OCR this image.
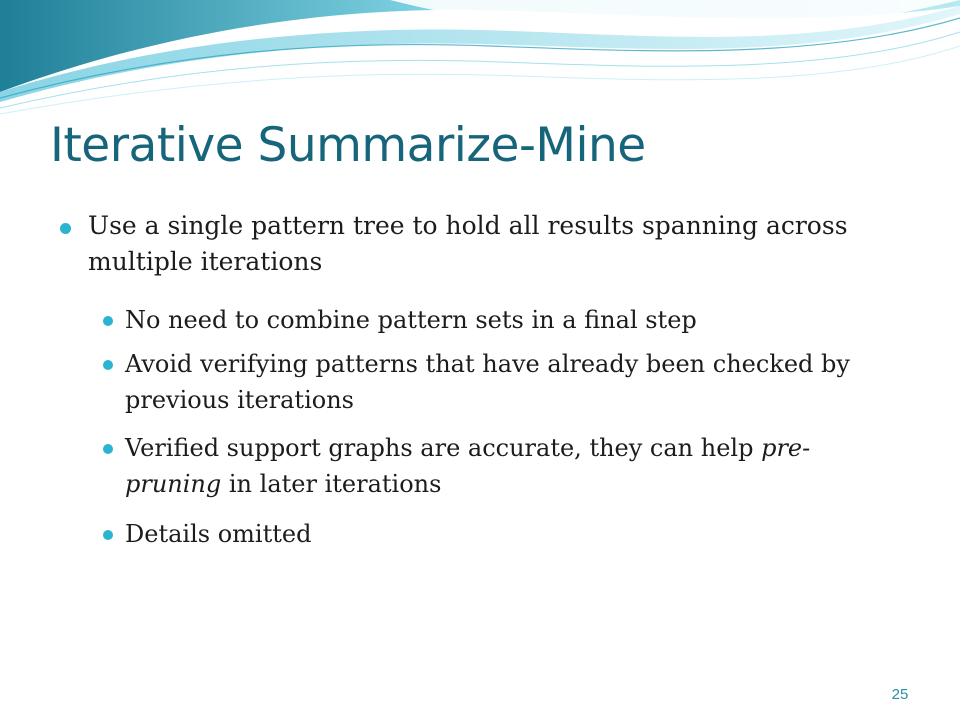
Iterative Summarize-Mine

Use a single pattern tree to hold all results spanning across multiple iterations

No need to combine pattern sets in a final step

Avoid verifying patterns that have already been checked by previous iterations

Verified support graphs are accurate, they can help pre-pruning in later iterations

Details omitted

25
